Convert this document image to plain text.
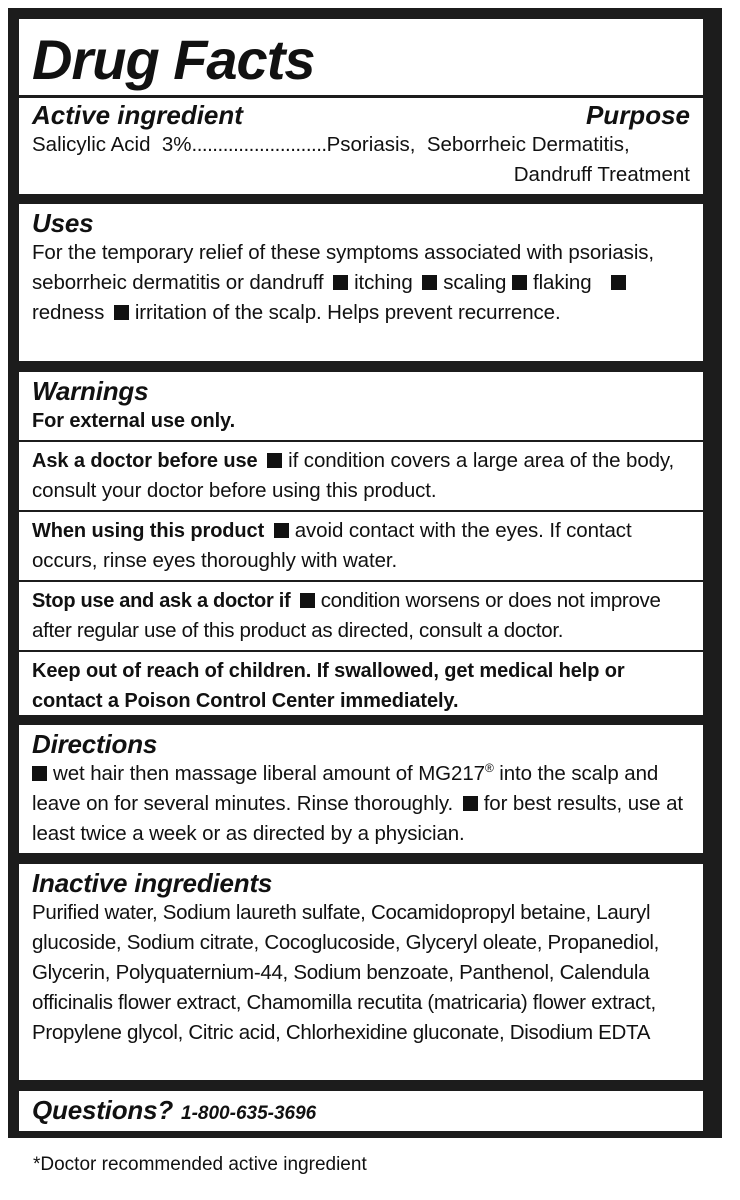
Drug Facts
Active ingredient	Purpose
Salicylic Acid  3% .......................... Psoriasis,  Seborrheic Dermatitis,
Dandruff Treatment
Uses
For the temporary relief of these symptoms associated with psoriasis, seborrheic dermatitis or dandruff itching scaling flaking redness irritation of the scalp. Helps prevent recurrence.
Warnings
For external use only.
Ask a doctor before use if condition covers a large area of the body, consult your doctor before using this product.
When using this product avoid contact with the eyes. If contact occurs, rinse eyes thoroughly with water.
Stop use and ask a doctor if condition worsens or does not improve after regular use of this product as directed, consult a doctor.
Keep out of reach of children. If swallowed, get medical help or contact a Poison Control Center immediately.
Directions
wet hair then massage liberal amount of MG217® into the scalp and leave on for several minutes. Rinse thoroughly. for best results, use at least twice a week or as directed by a physician.
Inactive ingredients
Purified water, Sodium laureth sulfate, Cocamidopropyl betaine, Lauryl glucoside, Sodium citrate, Cocoglucoside, Glyceryl oleate, Propanediol, Glycerin, Polyquaternium-44, Sodium benzoate, Panthenol, Calendula officinalis flower extract, Chamomilla recutita (matricaria) flower extract, Propylene glycol, Citric acid, Chlorhexidine gluconate, Disodium EDTA
Questions? 1-800-635-3696
*Doctor recommended active ingredient
